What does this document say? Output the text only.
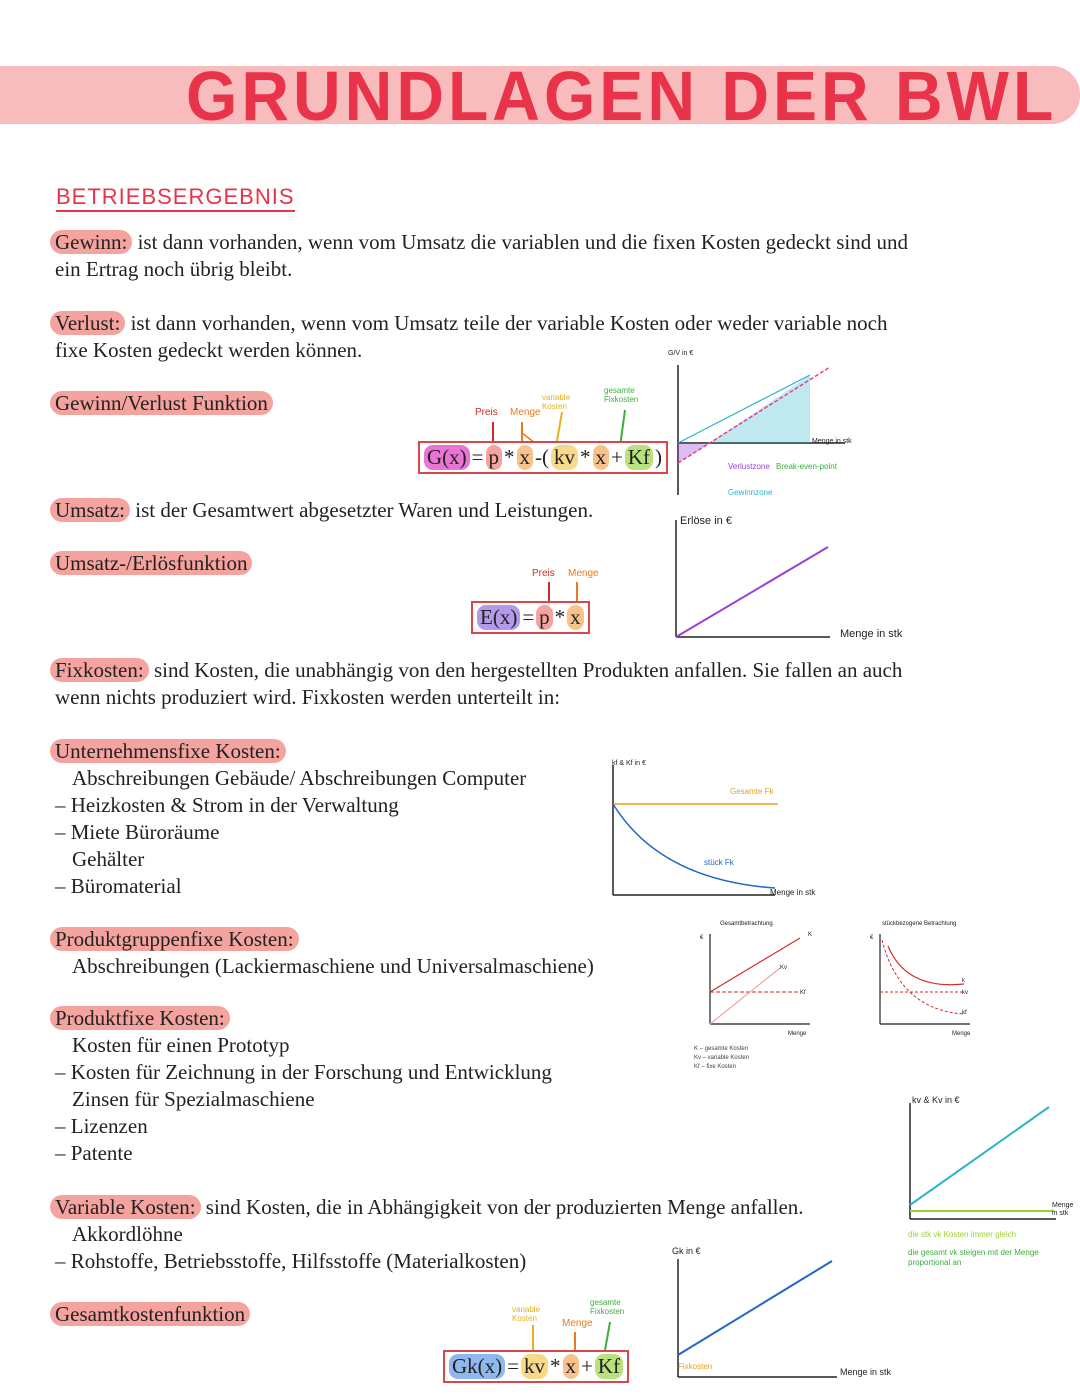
GRUNDLAGEN DER BWL
BETRIEBSERGEBNIS
Gewinn: ist dann vorhanden, wenn vom Umsatz die variablen und die fixen Kosten gedeckt sind und
ein Ertrag noch übrig bleibt.
Verlust: ist dann vorhanden, wenn vom Umsatz teile der variable Kosten oder weder variable noch
fixe Kosten gedeckt werden können.
Gewinn/Verlust Funktion	Preis Menge
variable Kosten
gesamte Fixkosten
G(x) = p * x -( kv * x + Kf )
G/V in €
Menge in stk
Verlustzone Break-even-point
Gewinnzone
Umsatz: ist der Gesamtwert abgesetzter Waren und Leistungen.
Umsatz-/Erlösfunktion	Preis Menge
E(x) = p * x
Erlöse in €
Menge in stk
Fixkosten: sind Kosten, die unabhängig von den hergestellten Produkten anfallen. Sie fallen an auch
wenn nichts produziert wird. Fixkosten werden unterteilt in:
Unternehmensfixe Kosten:
Abschreibungen Gebäude/ Abschreibungen Computer
– Heizkosten & Strom in der Verwaltung
– Miete Büroräume
Gehälter
– Büromaterial
kf & Kf in €
Gesamte Fk
stück Fk
Menge in stk
Produktgruppenfixe Kosten:
Abschreibungen (Lackiermaschiene und Universalmaschiene)
Gesamtbetrachtung
K
Kv
Kf
€
Menge
K – gesamte Kosten
Kv – variable Kosten
Kf – fixe Kosten
stückbezogene Betrachtung
k
kv
kf
€
Menge
Produktfixe Kosten:
Kosten für einen Prototyp
– Kosten für Zeichnung in der Forschung und Entwicklung
Zinsen für Spezialmaschiene
– Lizenzen
– Patente
kv & Kv in €
Menge in stk
die stk vk Kosten immer gleich
die gesamt vk steigen mit der Menge proportional an
Variable Kosten: sind Kosten, die in Abhängigkeit von der produzierten Menge anfallen.
Akkordlöhne
– Rohstoffe, Betriebsstoffe, Hilfsstoffe (Materialkosten)
Gesamtkostenfunktion	variable Kosten	Menge
gesamte Fixkosten
Gk(x) = kv * x + Kf
Gk in €
Menge in stk
Fixkosten
